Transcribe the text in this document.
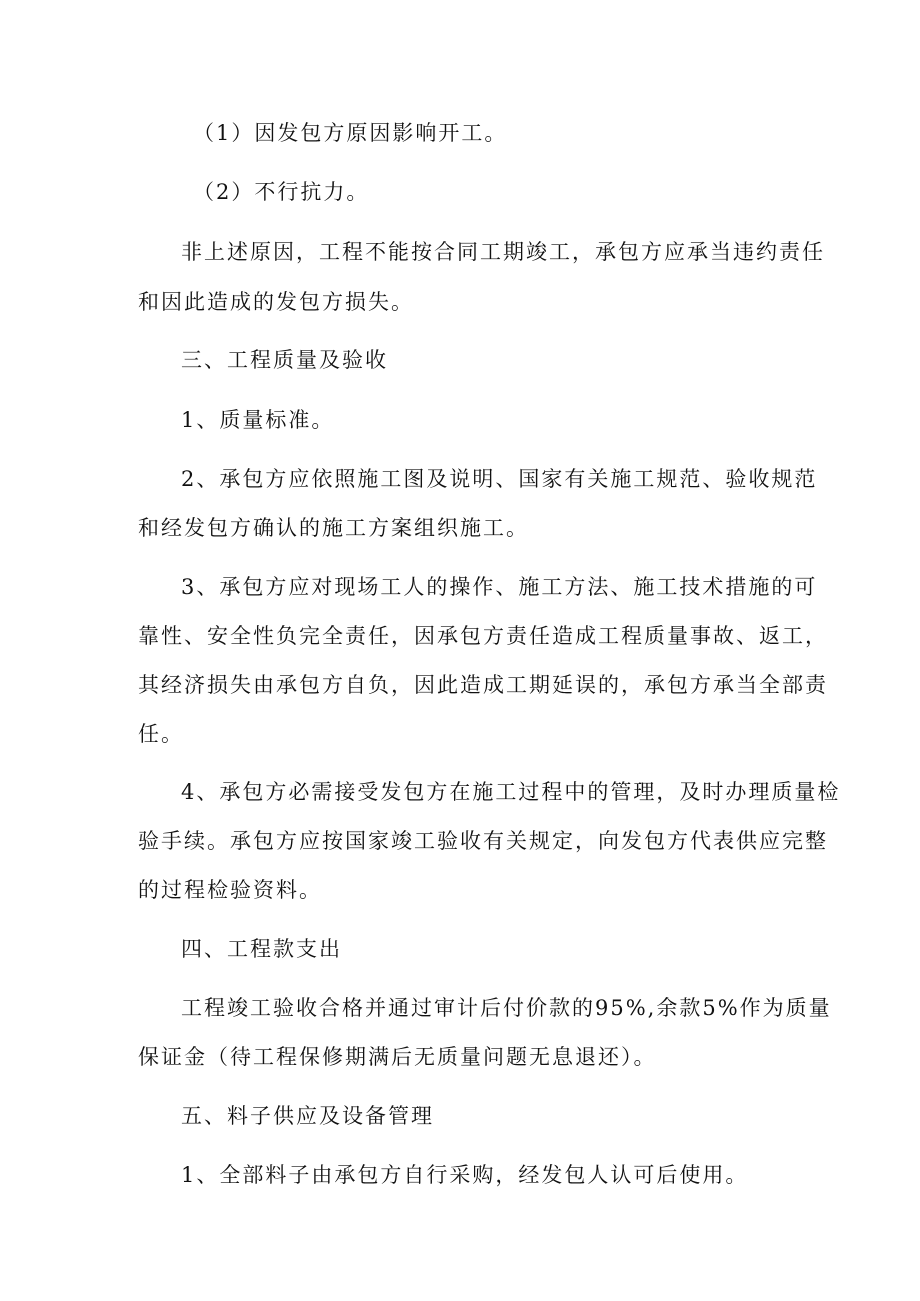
（1）因发包方原因影响开工。
（2）不行抗力。
非上述原因，工程不能按合同工期竣工，承包方应承当违约责任
和因此造成的发包方损失。
三、工程质量及验收
1、质量标准。
2、承包方应依照施工图及说明、国家有关施工规范、验收规范
和经发包方确认的施工方案组织施工。
3、承包方应对现场工人的操作、施工方法、施工技术措施的可
靠性、安全性负完全责任，因承包方责任造成工程质量事故、返工，
其经济损失由承包方自负，因此造成工期延误的，承包方承当全部责
任。
4、承包方必需接受发包方在施工过程中的管理，及时办理质量检
验手续。承包方应按国家竣工验收有关规定，向发包方代表供应完整
的过程检验资料。
四、工程款支出
工程竣工验收合格并通过审计后付价款的95%,余款5%作为质量
保证金（待工程保修期满后无质量问题无息退还）。
五、料子供应及设备管理
1、全部料子由承包方自行采购，经发包人认可后使用。
